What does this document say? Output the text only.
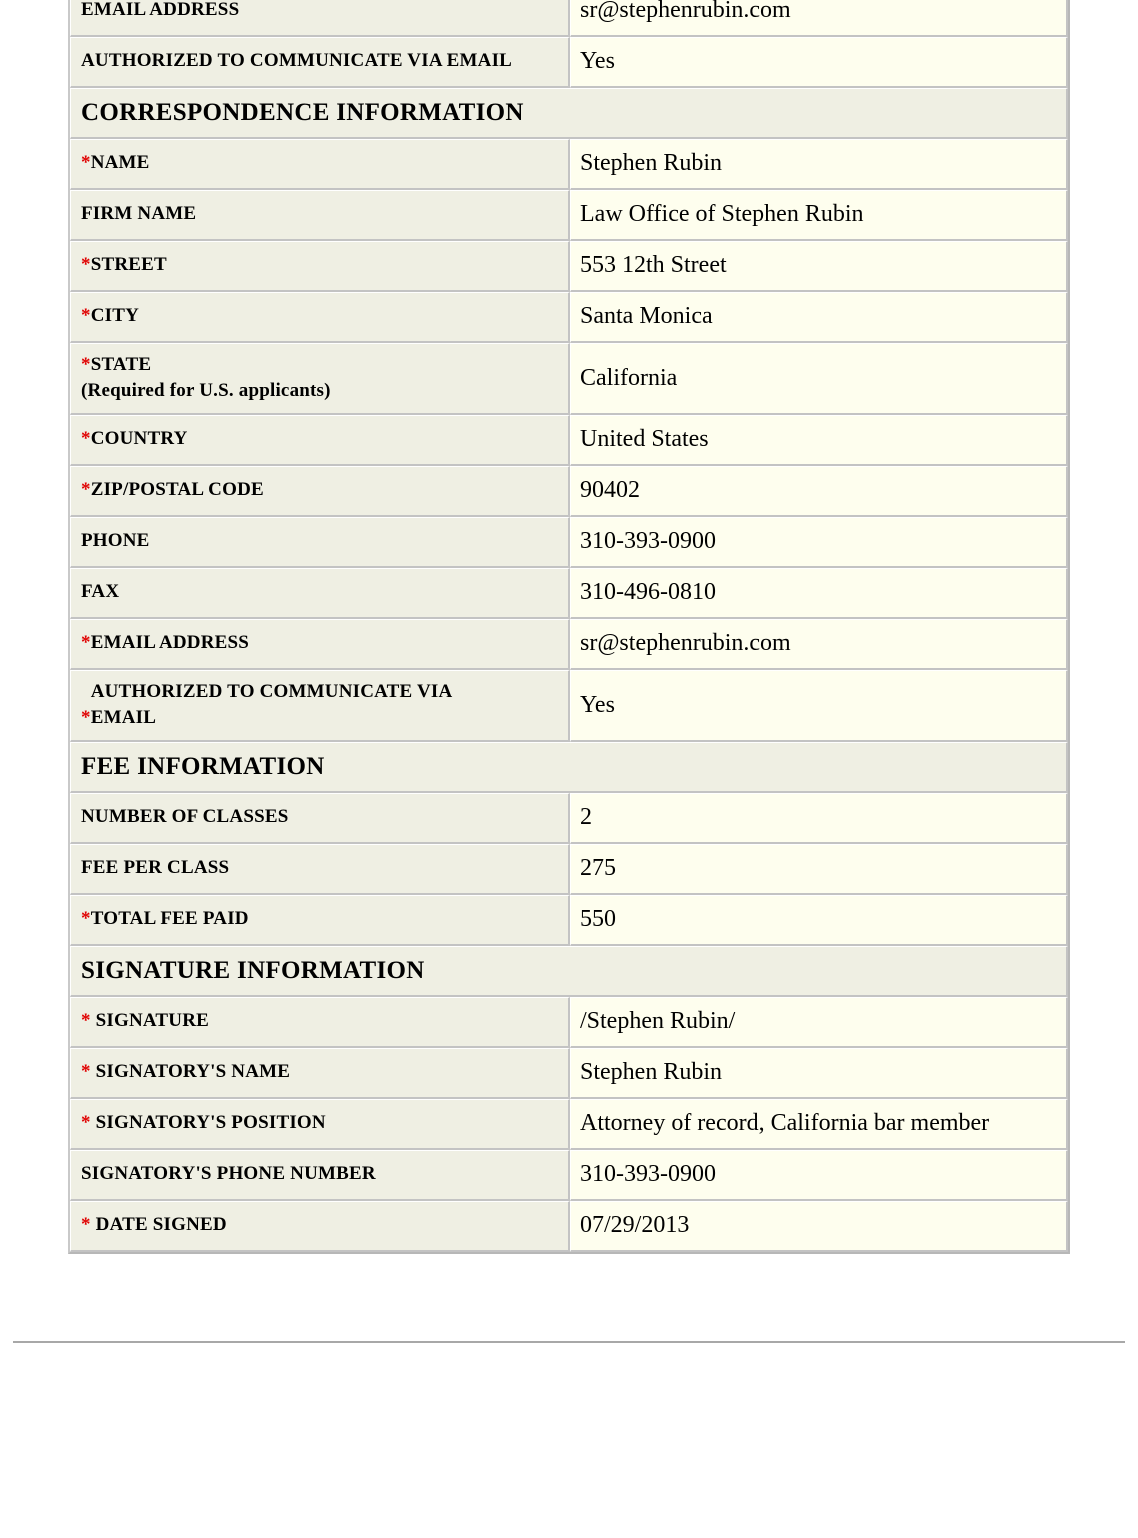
EMAIL ADDRESS	sr@stephenrubin.com
AUTHORIZED TO COMMUNICATE VIA EMAIL	Yes
CORRESPONDENCE INFORMATION	
*NAME	Stephen Rubin
FIRM NAME	Law Office of Stephen Rubin
*STREET	553 12th Street
*CITY	Santa Monica
*STATE
(Required for U.S. applicants)	California
*COUNTRY	United States
*ZIP/POSTAL CODE	90402
PHONE	310-393-0900
FAX	310-496-0810
*EMAIL ADDRESS	sr@stephenrubin.com
*AUTHORIZED TO COMMUNICATE VIA EMAIL	Yes
FEE INFORMATION	
NUMBER OF CLASSES	2
FEE PER CLASS	275
*TOTAL FEE PAID	550
SIGNATURE INFORMATION	
* SIGNATURE	/Stephen Rubin/
* SIGNATORY'S NAME	Stephen Rubin
* SIGNATORY'S POSITION	Attorney of record, California bar member
SIGNATORY'S PHONE NUMBER	310-393-0900
* DATE SIGNED	07/29/2013
